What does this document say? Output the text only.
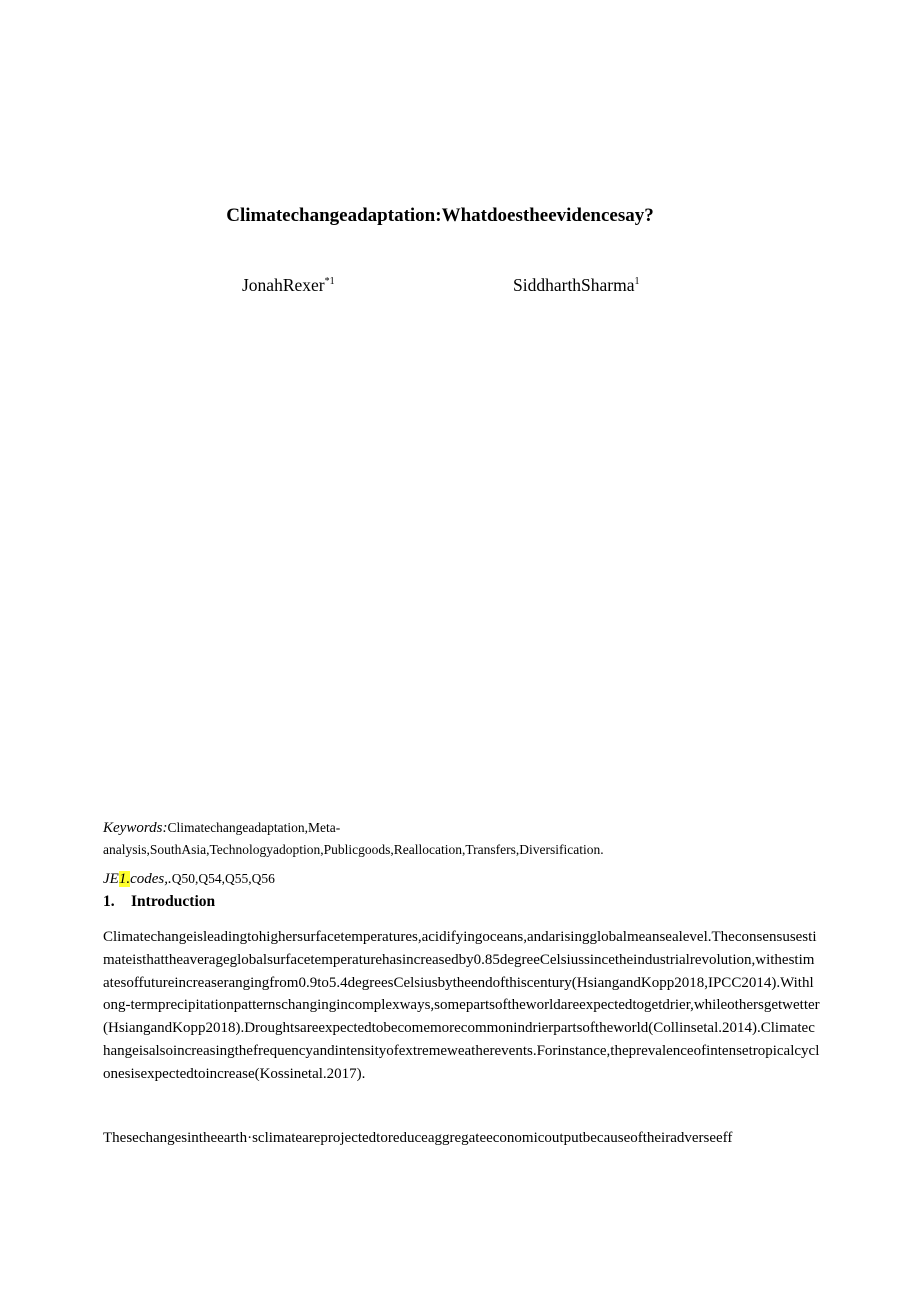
Climatechangeadaptation:Whatdoestheevidencesay?
JonahRexer$^{*1}$	SiddharthSharma$^1$
Keywords:Climatechangeadaptation,Meta-analysis,SouthAsia,Technologyadoption,Publicgoods,Reallocation,Transfers,Diversification.
JE1.codes,.Q50,Q54,Q55,Q56
1. Introduction
Climatechangeisleadingtohighersurfacetemperatures,acidifyingoceans,andarisingglobalmeansealevel.Theconsensusestimateisthattheaverageglobalsurfacetemperaturehasincreasedby0.85degreeCelsiussincetheindustrialrevolution,withestimatesoffutureincreaserangingfrom0.9to5.4degreesCelsiusbytheendofthiscentury(HsiangandKopp2018,IPCC2014).Withlong-termprecipitationpatternschangingincomplexways,somepartsoftheworldareexpectedtogetdrier,whileothersgetwetter(HsiangandKopp2018).Droughtsareexpectedtobecomemorecommonindrierpartsoftheworld(Collinsetal.2014).Climatechangeisalsoincreasingthefrequencyandintensityofextremeweatherevents.Forinstance,theprevalenceofintensetropicalcyclonesisexpectedtoincrease(Kossinetal.2017).
Thesechangesintheearth·sclimateareprojectedtoreduceaggregateeconomicoutputbecauseoftheiradverseeff
